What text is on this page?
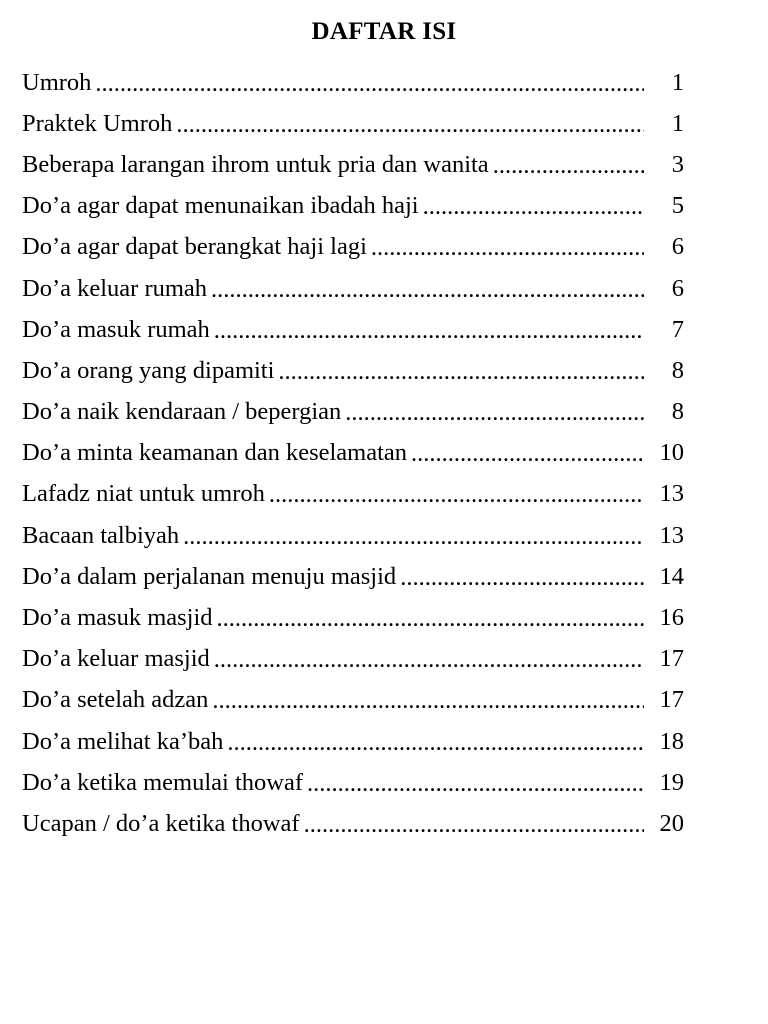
DAFTAR ISI
Umroh .....	1
Praktek Umroh .....	1
Beberapa larangan ihrom untuk pria dan wanita .....	3
Do’a agar dapat menunaikan ibadah haji .....	5
Do’a agar dapat berangkat haji lagi .....	6
Do’a keluar rumah .....	6
Do’a masuk rumah .....	7
Do’a orang yang dipamiti .....	8
Do’a naik kendaraan / bepergian .....	8
Do’a minta keamanan dan keselamatan .....	10
Lafadz niat untuk umroh .....	13
Bacaan talbiyah .....	13
Do’a dalam perjalanan menuju masjid .....	14
Do’a masuk masjid .....	16
Do’a keluar masjid .....	17
Do’a setelah adzan .....	17
Do’a melihat ka’bah .....	18
Do’a ketika memulai thowaf .....	19
Ucapan / do’a ketika thowaf .....	20
